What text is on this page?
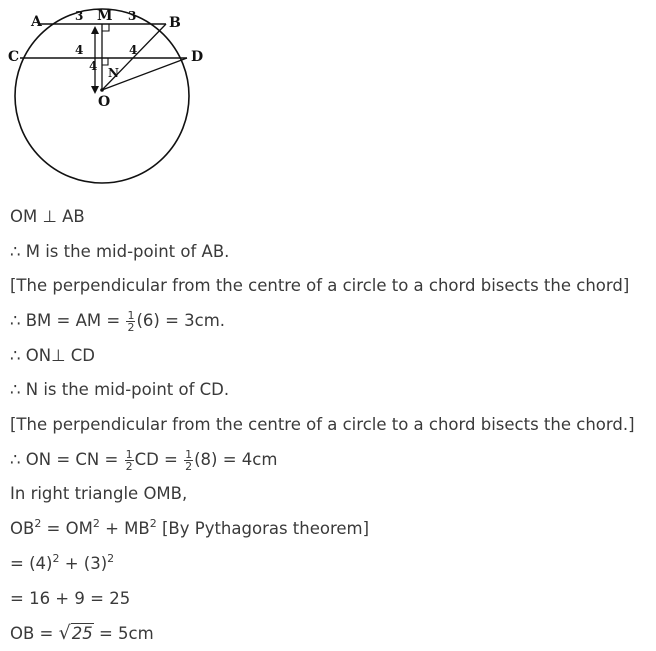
A	B
C	D
M
N
O
3	3
4	4
4
OM ⊥ AB
∴ M is the mid-point of AB.
[The perpendicular from the centre of a circle to a chord bisects the chord]
∴ BM = AM = $\frac{1}{2} (6) = 3cm$.
∴ ON⊥ CD
∴ N is the mid-point of CD.
[The perpendicular from the centre of a circle to a chord bisects the chord.]
∴ ON = CN = $\frac{1}{2}$ CD = $\frac{1}{2} (8) = 4cm$
In right triangle OMB,
$OB^2 = OM^2 + MB^2$ [By Pythagoras theorem]
= $(4)^2 + (3)^2$
= 16 + 9 = 25
OB = √25 = 5cm
